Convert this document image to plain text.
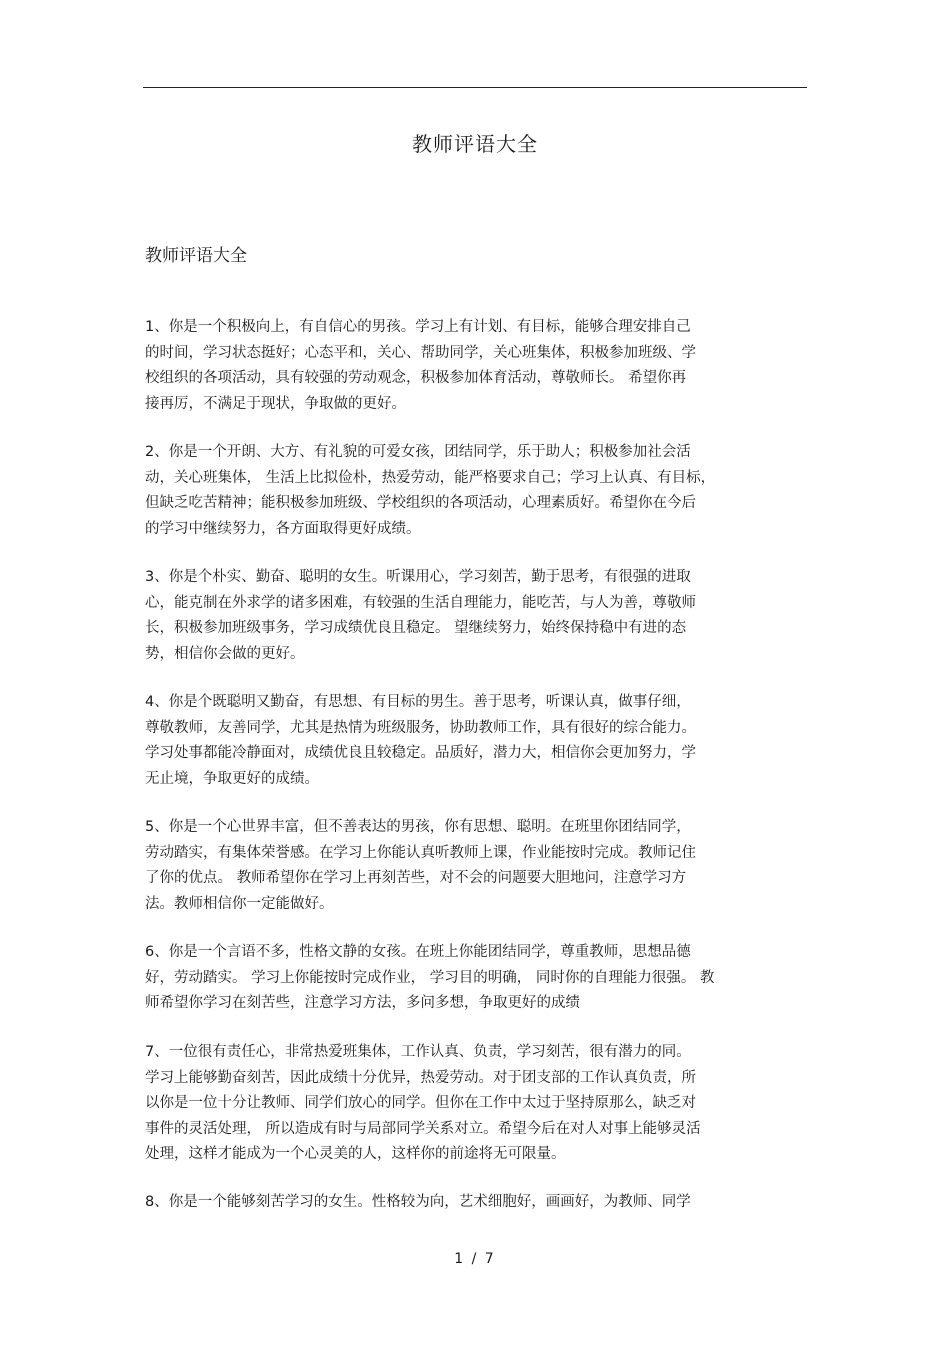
教师评语大全
教师评语大全
1、你是一个积极向上，有自信心的男孩。学习上有计划、有目标，能够合理安排自己
的时间，学习状态挺好；心态平和，关心、帮助同学，关心班集体，积极参加班级、学
校组织的各项活动，具有较强的劳动观念，积极参加体育活动，尊敬师长。 希望你再
接再厉，不满足于现状，争取做的更好。
2、你是一个开朗、大方、有礼貌的可爱女孩，团结同学，乐于助人；积极参加社会活
动，关心班集体， 生活上比拟俭朴，热爱劳动，能严格要求自己；学习上认真、有目标，
但缺乏吃苦精神；能积极参加班级、学校组织的各项活动，心理素质好。希望你在今后
的学习中继续努力，各方面取得更好成绩。
3、你是个朴实、勤奋、聪明的女生。听课用心，学习刻苦，勤于思考，有很强的进取
心，能克制在外求学的诸多困难，有较强的生活自理能力，能吃苦，与人为善，尊敬师
长，积极参加班级事务，学习成绩优良且稳定。 望继续努力，始终保持稳中有进的态
势，相信你会做的更好。
4、你是个既聪明又勤奋，有思想、有目标的男生。善于思考，听课认真，做事仔细，
尊敬教师，友善同学，尤其是热情为班级服务，协助教师工作，具有很好的综合能力。
学习处事都能冷静面对，成绩优良且较稳定。品质好，潜力大，相信你会更加努力，学
无止境，争取更好的成绩。
5、你是一个心世界丰富，但不善表达的男孩，你有思想、聪明。在班里你团结同学，
劳动踏实，有集体荣誉感。在学习上你能认真听教师上课，作业能按时完成。教师记住
了你的优点。 教师希望你在学习上再刻苦些，对不会的问题要大胆地问，注意学习方
法。教师相信你一定能做好。
6、你是一个言语不多，性格文静的女孩。在班上你能团结同学，尊重教师，思想品德
好，劳动踏实。 学习上你能按时完成作业， 学习目的明确， 同时你的自理能力很强。 教
师希望你学习在刻苦些，注意学习方法，多问多想，争取更好的成绩
7、一位很有责任心，非常热爱班集体，工作认真、负责，学习刻苦，很有潜力的同。
学习上能够勤奋刻苦，因此成绩十分优异，热爱劳动。对于团支部的工作认真负责，所
以你是一位十分让教师、同学们放心的同学。但你在工作中太过于坚持原那么，缺乏对
事件的灵活处理， 所以造成有时与局部同学关系对立。希望今后在对人对事上能够灵活
处理，这样才能成为一个心灵美的人，这样你的前途将无可限量。
8、你是一个能够刻苦学习的女生。性格较为向，艺术细胞好，画画好，为教师、同学
1 / 7
